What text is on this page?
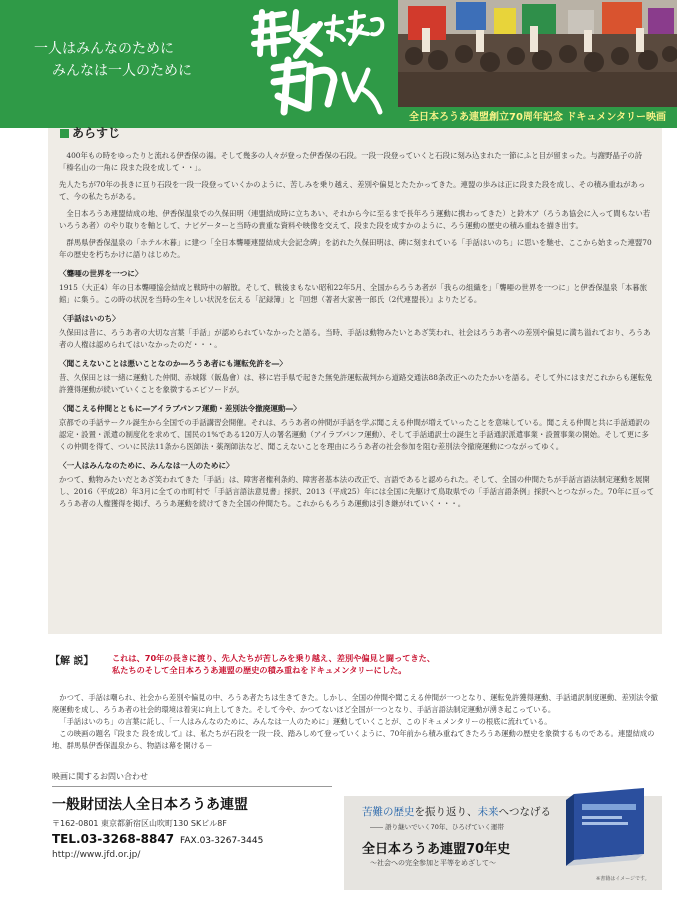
一人はみんなのために
みんなは一人のために
全日本ろうあ連盟創立70周年記念 ドキュメンタリー映画
あらすじ

400年もの時をゆったりと流れる伊香保の湯。そして幾多の人々が登った伊香保の石段。一段一段登っていくと石段に刻み込まれた一節にふと目が留まった。与謝野晶子の詩「榛名山の一角に 段また段を成して・・」。

先人たちが70年の長きに亘り石段を一段一段登っていくかのように、苦しみを乗り越え、差別や偏見とたたかってきた。連盟の歩みは正に段また段を成し、その積み重ねがあって、今の私たちがある。

全日本ろうあ連盟結成の地、伊香保温泉での久保田明（連盟結成時に立ちあい、それから今に至るまで長年ろう運動に携わってきた）と鈴木ア（ろうあ協会に入って間もない若いろうあ者）のやり取りを軸として、ナビゲーターと当時の貴重な資料や映像を交えて、段また段を成すかのように、ろう運動の歴史の積み重ねを描き出す。

群馬県伊香保温泉の「ホテル木暮」に建つ「全日本聾唖連盟結成大会記念碑」を訪れた久保田明は、碑に刻まれている「手話はいのち」に思いを馳せ、ここから始まった連盟70年の歴史を朽ちかけに語りはじめた。

〈聾唖の世界を一つに〉

1915（大正4）年の日本聾唖協会結成と戦時中の解散。そして、戦後まもない昭和22年5月、全国からろうあ者が「我らの組織を」「聾唖の世界を一つに」と伊香保温泉「本暮旅館」に集う。この時の状況を当時の生々しい状況を伝える「記録簿」と『回想（著者大家善一郎氏（2代連盟長）』よりたどる。

〈手話はいのち〉

久保田は昔に、ろうあ者の大切な言葉「手話」が認められていなかったと語る。当時、手話は動物みたいとあざ笑われ、社会はろうあ者への差別や偏見に満ち溢れており、ろうあ者の人権は認められてはいなかったのだ・・・。

〈聞こえないことは悪いことなのか―ろうあ者にも運転免許を―〉

昔、久保田とは一緒に運動した仲間、赤城隊（飯島會）は、移に岩手県で起きた無免許運転裁判から道路交通法88条改正へのたたかいを語る。そして外にはまだこれからも運転免許獲得運動が続いていくことを象徴するエピソードが。

〈聞こえる仲間とともに―アイラブパンフ運動・差別法令撤廃運動―〉

京都での手話サークル誕生から全国での手話講習会開催。それは、ろうあ者の仲間が手話を学ぶ聞こえる仲間が増えていったことを意味している。聞こえる仲間と共に手話通訳の認定・設置・派遣の制度化を求めて、国民の1%である120万人の署名運動（アイラブパンフ運動）、そして手話通訳士の誕生と手話通訳派遣事業・設置事業の開始。そして更に多くの仲間を得て、ついに民法11条から医師法・薬剤師法など、聞こえないことを理由にろうあ者の社会参加を阻む差別法令撤廃運動につながってゆく。

〈一人はみんなのために、みんなは一人のために〉

かつて、動物みたいだとあざ笑われてきた「手話」は、障害者権利条約、障害者基本法の改正で、言語であると認められた。そして、全国の仲間たちが手話言語法制定運動を展開し、2016（平成28）年3月に全ての市町村で「手話言語法意見書」採択、2013（平成25）年には全国に先駆けて鳥取県での「手話言語条例」採択へとつながった。70年に亘ってろうあ者の人権獲得を掲げ、ろうあ運動を続けてきた全国の仲間たち。これからもろうあ運動は引き継がれていく・・・。

【解 説】 これは、70年の長きに渡り、先人たちが苦しみを乗り越え、差別や偏見と闘ってきた、
私たちのそして全日本ろうあ連盟の歴史の積み重ねをドキュメンタリーにした。

かつて、手話は嘲られ、社会から差別や偏見の中、ろうあ者たちは生きてきた。しかし、全国の仲間や聞こえる仲間が一つとなり、運転免許獲得運動、手話通訳制度運動、差別法令撤廃運動を成し、ろうあ者の社会的環境は着実に向上してきた。そして今や、かつてないほど全国が一つとなり、手話言語法制定運動が湧き起こっている。

「手話はいのち」の言葉に託し、「一人はみんなのために、みんなは一人のために」運動していくことが、このドキュメンタリーの根底に流れている。

この映画の題名『段また 段を成して』は、私たちが石段を一段一段、踏みしめて登っていくように、70年前から積み重ねてきたろうあ運動の歴史を象徴するものである。連盟結成の地、群馬県伊香保温泉から、物語は幕を開ける－

映画に関するお問い合わせ
一般財団法人全日本ろうあ連盟
〒162-0801 東京都新宿区山吹町130 SKビル8F
TEL.03-3268-8847 FAX.03-3267-3445
http://www.jfd.or.jp/
苦難の歴史を振り返り、未来へつなげる
―― 語り継いでいく70年、ひろげていく運帯
全日本ろうあ連盟70年史
～社会への完全参加と平等をめざして～
※書籍はイメージです。
